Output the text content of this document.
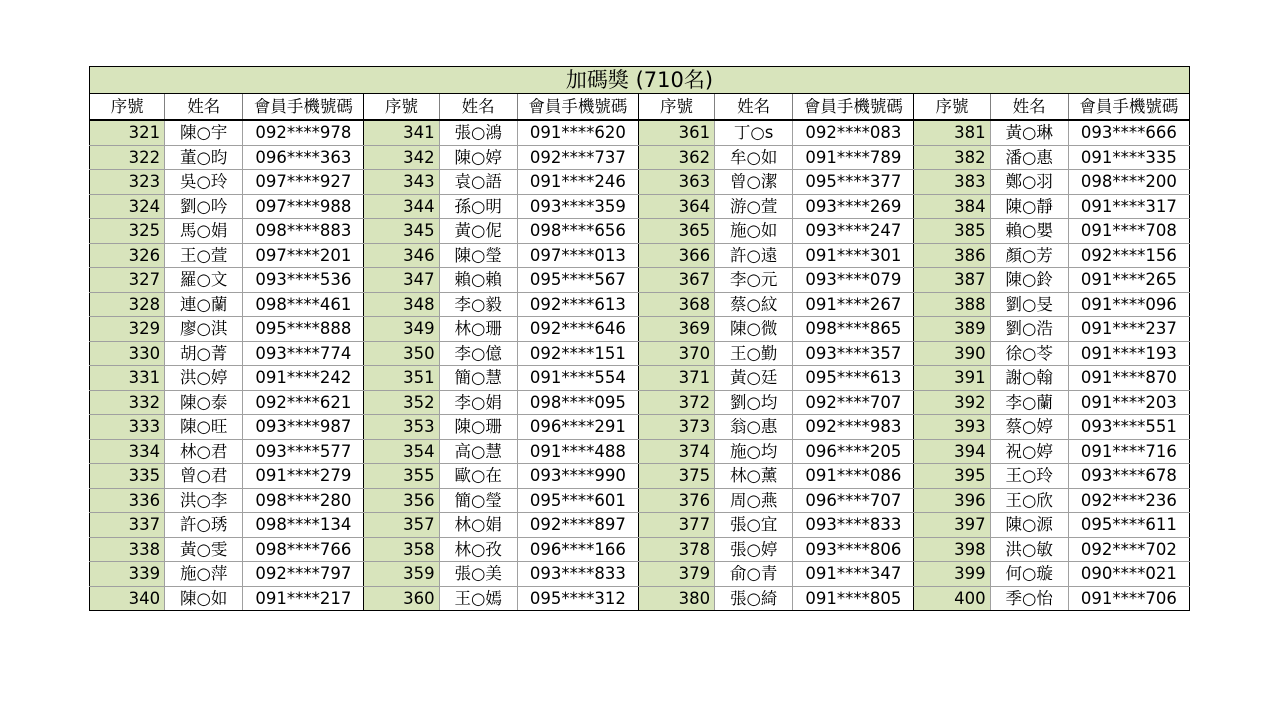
加碼獎 (710名)
序號	姓名	會員手機號碼	序號	姓名	會員手機號碼	序號	姓名	會員手機號碼	序號	姓名	會員手機號碼
321	陳○宇	092****978	341	張○鴻	091****620	361	丁○s	092****083	381	黃○琳	093****666
322	董○昀	096****363	342	陳○婷	092****737	362	牟○如	091****789	382	潘○惠	091****335
323	吳○玲	097****927	343	袁○語	091****246	363	曾○潔	095****377	383	鄭○羽	098****200
324	劉○吟	097****988	344	孫○明	093****359	364	游○萱	093****269	384	陳○靜	091****317
325	馬○娟	098****883	345	黃○伲	098****656	365	施○如	093****247	385	賴○嬰	091****708
326	王○萱	097****201	346	陳○瑩	097****013	366	許○遠	091****301	386	顏○芳	092****156
327	羅○文	093****536	347	賴○賴	095****567	367	李○元	093****079	387	陳○鈴	091****265
328	連○蘭	098****461	348	李○毅	092****613	368	蔡○紋	091****267	388	劉○旻	091****096
329	廖○淇	095****888	349	林○珊	092****646	369	陳○微	098****865	389	劉○浩	091****237
330	胡○菁	093****774	350	李○億	092****151	370	王○勤	093****357	390	徐○苓	091****193
331	洪○婷	091****242	351	簡○慧	091****554	371	黃○廷	095****613	391	謝○翰	091****870
332	陳○泰	092****621	352	李○娟	098****095	372	劉○均	092****707	392	李○蘭	091****203
333	陳○旺	093****987	353	陳○珊	096****291	373	翁○惠	092****983	393	蔡○婷	093****551
334	林○君	093****577	354	高○慧	091****488	374	施○均	096****205	394	祝○婷	091****716
335	曾○君	091****279	355	歐○在	093****990	375	林○薰	091****086	395	王○玲	093****678
336	洪○李	098****280	356	簡○瑩	095****601	376	周○燕	096****707	396	王○欣	092****236
337	許○琇	098****134	357	林○娟	092****897	377	張○宜	093****833	397	陳○源	095****611
338	黃○雯	098****766	358	林○孜	096****166	378	張○婷	093****806	398	洪○敏	092****702
339	施○萍	092****797	359	張○美	093****833	379	俞○青	091****347	399	何○璇	090****021
340	陳○如	091****217	360	王○嫣	095****312	380	張○綺	091****805	400	季○怡	091****706
